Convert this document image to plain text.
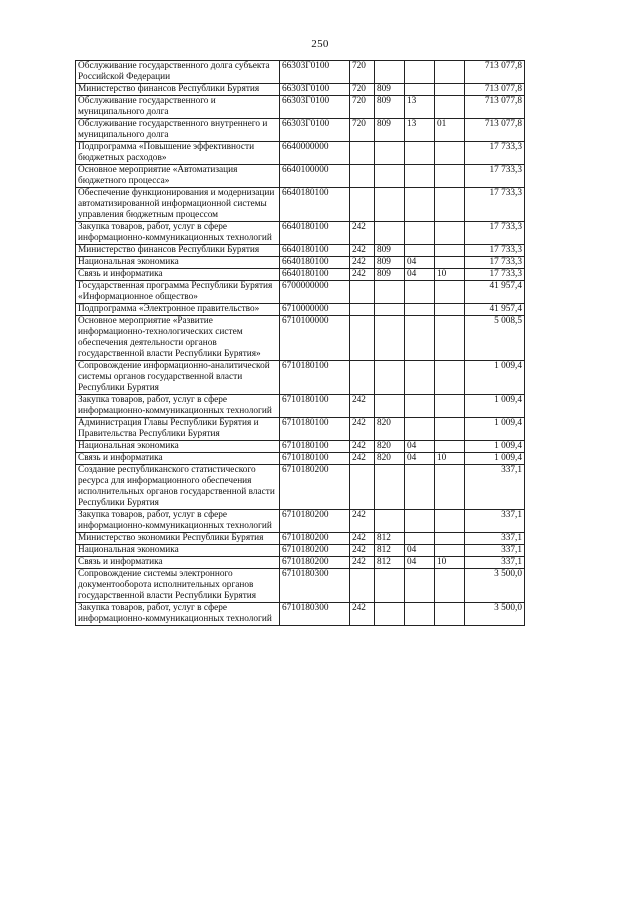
250
Обслуживание государственного долга субъекта Российской Федерации	66303Г0100	720				713 077,8
Министерство финансов Республики Бурятия	66303Г0100	720	809			713 077,8
Обслуживание государственного и муниципального долга	66303Г0100	720	809	13		713 077,8
Обслуживание государственного внутреннего и муниципального долга	66303Г0100	720	809	13	01	713 077,8
Подпрограмма «Повышение эффективности бюджетных расходов»	6640000000					17 733,3
Основное мероприятие «Автоматизация бюджетного процесса»	6640100000					17 733,3
Обеспечение функционирования и модернизации автоматизированной информационной системы управления бюджетным процессом	6640180100					17 733,3
Закупка товаров, работ, услуг в сфере информационно-коммуникационных технологий	6640180100	242				17 733,3
Министерство финансов Республики Бурятия	6640180100	242	809			17 733,3
Национальная экономика	6640180100	242	809	04		17 733,3
Связь и информатика	6640180100	242	809	04	10	17 733,3
Государственная программа Республики Бурятия «Информационное общество»	6700000000					41 957,4
Подпрограмма «Электронное правительство»	6710000000					41 957,4
Основное мероприятие «Развитие информационно-технологических систем обеспечения деятельности органов государственной власти Республики Бурятия»	6710100000					5 008,5
Сопровождение информационно-аналитической системы органов государственной власти Республики Бурятия	6710180100					1 009,4
Закупка товаров, работ, услуг в сфере информационно-коммуникационных технологий	6710180100	242				1 009,4
Администрация Главы Республики Бурятия и Правительства Республики Бурятия	6710180100	242	820			1 009,4
Национальная экономика	6710180100	242	820	04		1 009,4
Связь и информатика	6710180100	242	820	04	10	1 009,4
Создание республиканского статистического ресурса для информационного обеспечения исполнительных органов государственной власти Республики Бурятия	6710180200					337,1
Закупка товаров, работ, услуг в сфере информационно-коммуникационных технологий	6710180200	242				337,1
Министерство экономики Республики Бурятия	6710180200	242	812			337,1
Национальная экономика	6710180200	242	812	04		337,1
Связь и информатика	6710180200	242	812	04	10	337,1
Сопровождение системы электронного документооборота исполнительных органов государственной власти Республики Бурятия	6710180300					3 500,0
Закупка товаров, работ, услуг в сфере информационно-коммуникационных технологий	6710180300	242				3 500,0
